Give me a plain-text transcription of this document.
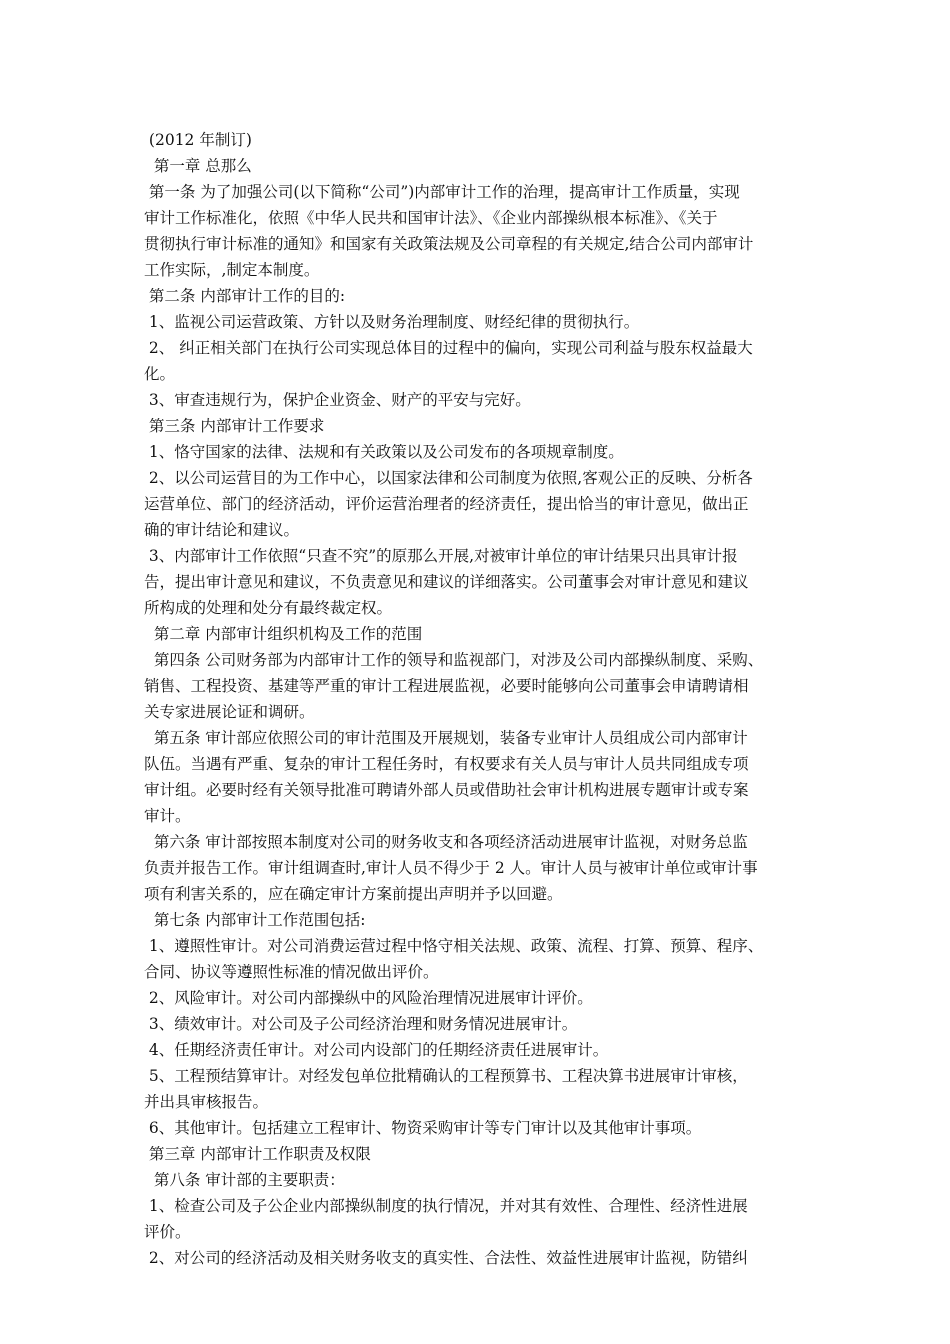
(2012 年制订)
第一章 总那么
第一条 为了加强公司(以下简称“公司”)内部审计工作的治理，提高审计工作质量，实现
审计工作标准化，依照《中华人民共和国审计法》、《企业内部操纵根本标准》、《关于
贯彻执行审计标准的通知》和国家有关政策法规及公司章程的有关规定,结合公司内部审计
工作实际，,制定本制度。
第二条 内部审计工作的目的:
1、监视公司运营政策、方针以及财务治理制度、财经纪律的贯彻执行。
2、 纠正相关部门在执行公司实现总体目的过程中的偏向，实现公司利益与股东权益最大
化。
3、审查违规行为，保护企业资金、财产的平安与完好。
第三条 内部审计工作要求
1、恪守国家的法律、法规和有关政策以及公司发布的各项规章制度。
2、以公司运营目的为工作中心，以国家法律和公司制度为依照,客观公正的反映、分析各
运营单位、部门的经济活动，评价运营治理者的经济责任，提出恰当的审计意见，做出正
确的审计结论和建议。
3、内部审计工作依照“只查不究”的原那么开展,对被审计单位的审计结果只出具审计报
告，提出审计意见和建议，不负责意见和建议的详细落实。公司董事会对审计意见和建议
所构成的处理和处分有最终裁定权。
第二章 内部审计组织机构及工作的范围
第四条 公司财务部为内部审计工作的领导和监视部门，对涉及公司内部操纵制度、采购、
销售、工程投资、基建等严重的审计工程进展监视，必要时能够向公司董事会申请聘请相
关专家进展论证和调研。
第五条 审计部应依照公司的审计范围及开展规划，装备专业审计人员组成公司内部审计
队伍。当遇有严重、复杂的审计工程任务时，有权要求有关人员与审计人员共同组成专项
审计组。必要时经有关领导批准可聘请外部人员或借助社会审计机构进展专题审计或专案
审计。
第六条 审计部按照本制度对公司的财务收支和各项经济活动进展审计监视，对财务总监
负责并报告工作。审计组调查时,审计人员不得少于 2 人。审计人员与被审计单位或审计事
项有利害关系的，应在确定审计方案前提出声明并予以回避。
第七条 内部审计工作范围包括:
1、遵照性审计。对公司消费运营过程中恪守相关法规、政策、流程、打算、预算、程序、
合同、协议等遵照性标准的情况做出评价。
2、风险审计。对公司内部操纵中的风险治理情况进展审计评价。
3、绩效审计。对公司及子公司经济治理和财务情况进展审计。
4、任期经济责任审计。对公司内设部门的任期经济责任进展审计。
5、工程预结算审计。对经发包单位批精确认的工程预算书、工程决算书进展审计审核，
并出具审核报告。
6、其他审计。包括建立工程审计、物资采购审计等专门审计以及其他审计事项。
第三章 内部审计工作职责及权限
第八条 审计部的主要职责：
1、检查公司及子公企业内部操纵制度的执行情况，并对其有效性、合理性、经济性进展
评价。
2、对公司的经济活动及相关财务收支的真实性、合法性、效益性进展审计监视，防错纠
